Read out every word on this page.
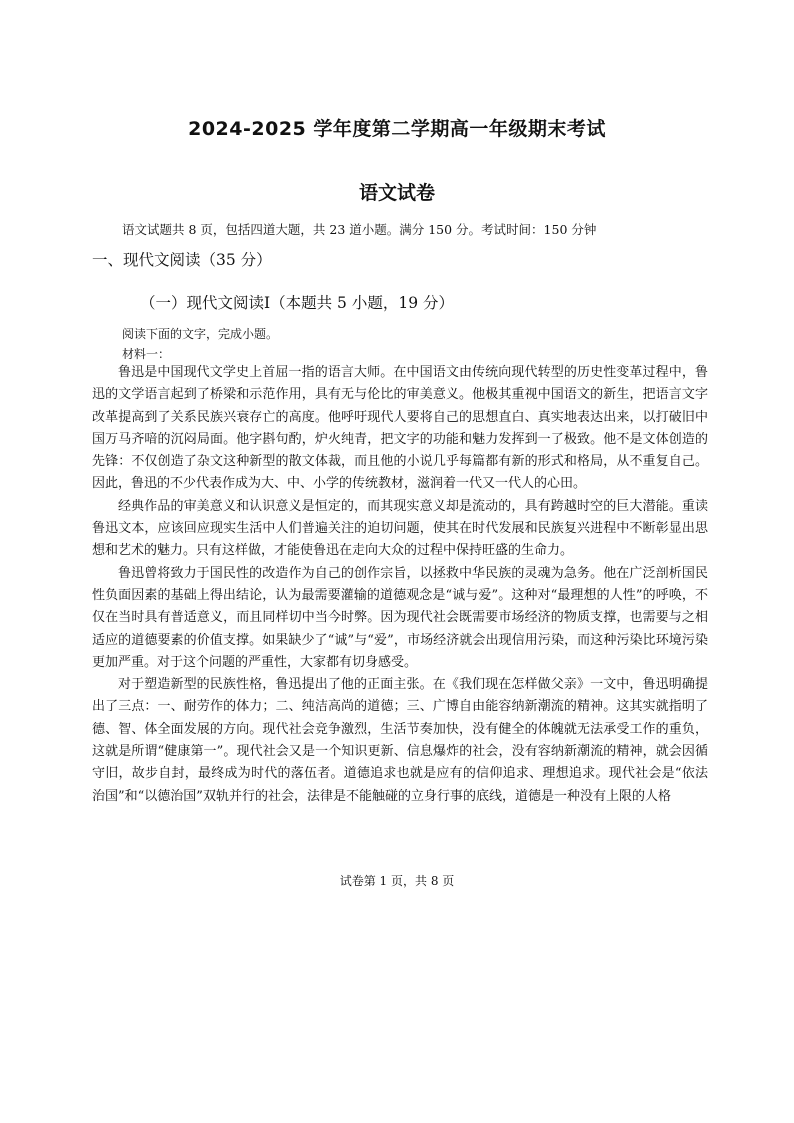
2024-2025 学年度第二学期高一年级期末考试
语文试卷
语文试题共 8 页，包括四道大题，共 23 道小题。满分 150 分。考试时间：150 分钟
一、现代文阅读（35 分）
（一）现代文阅读Ⅰ（本题共 5 小题，19 分）
阅读下面的文字，完成小题。
材料一：

鲁迅是中国现代文学史上首屈一指的语言大师。在中国语文由传统向现代转型的历史性变革过程中，鲁迅的文学语言起到了桥梁和示范作用，具有无与伦比的审美意义。他极其重视中国语文的新生，把语言文字改革提高到了关系民族兴衰存亡的高度。他呼吁现代人要将自己的思想直白、真实地表达出来，以打破旧中国万马齐喑的沉闷局面。他字斟句酌，炉火纯青，把文字的功能和魅力发挥到一了极致。他不是文体创造的先锋：不仅创造了杂文这种新型的散文体裁，而且他的小说几乎每篇都有新的形式和格局，从不重复自己。因此，鲁迅的不少代表作成为大、中、小学的传统教材，滋润着一代又一代人的心田。

经典作品的审美意义和认识意义是恒定的，而其现实意义却是流动的，具有跨越时空的巨大潜能。重读鲁迅文本，应该回应现实生活中人们普遍关注的迫切问题，使其在时代发展和民族复兴进程中不断彰显出思想和艺术的魅力。只有这样做，才能使鲁迅在走向大众的过程中保持旺盛的生命力。

鲁迅曾将致力于国民性的改造作为自己的创作宗旨，以拯救中华民族的灵魂为急务。他在广泛剖析国民性负面因素的基础上得出结论，认为最需要灌输的道德观念是“诚与爱”。这种对“最理想的人性”的呼唤，不仅在当时具有普适意义，而且同样切中当今时弊。因为现代社会既需要市场经济的物质支撑，也需要与之相适应的道德要素的价值支撑。如果缺少了“诚”与“爱”，市场经济就会出现信用污染，而这种污染比环境污染更加严重。对于这个问题的严重性，大家都有切身感受。

对于塑造新型的民族性格，鲁迅提出了他的正面主张。在《我们现在怎样做父亲》一文中，鲁迅明确提出了三点：一、耐劳作的体力；二、纯洁高尚的道德；三、广博自由能容纳新潮流的精神。这其实就指明了德、智、体全面发展的方向。现代社会竞争激烈，生活节奏加快，没有健全的体魄就无法承受工作的重负，这就是所谓“健康第一”。现代社会又是一个知识更新、信息爆炸的社会，没有容纳新潮流的精神，就会因循守旧，故步自封，最终成为时代的落伍者。道德追求也就是应有的信仰追求、理想追求。现代社会是“依法治国”和“以德治国”双轨并行的社会，法律是不能触碰的立身行事的底线，道德是一种没有上限的人格

试卷第 1 页，共 8 页
